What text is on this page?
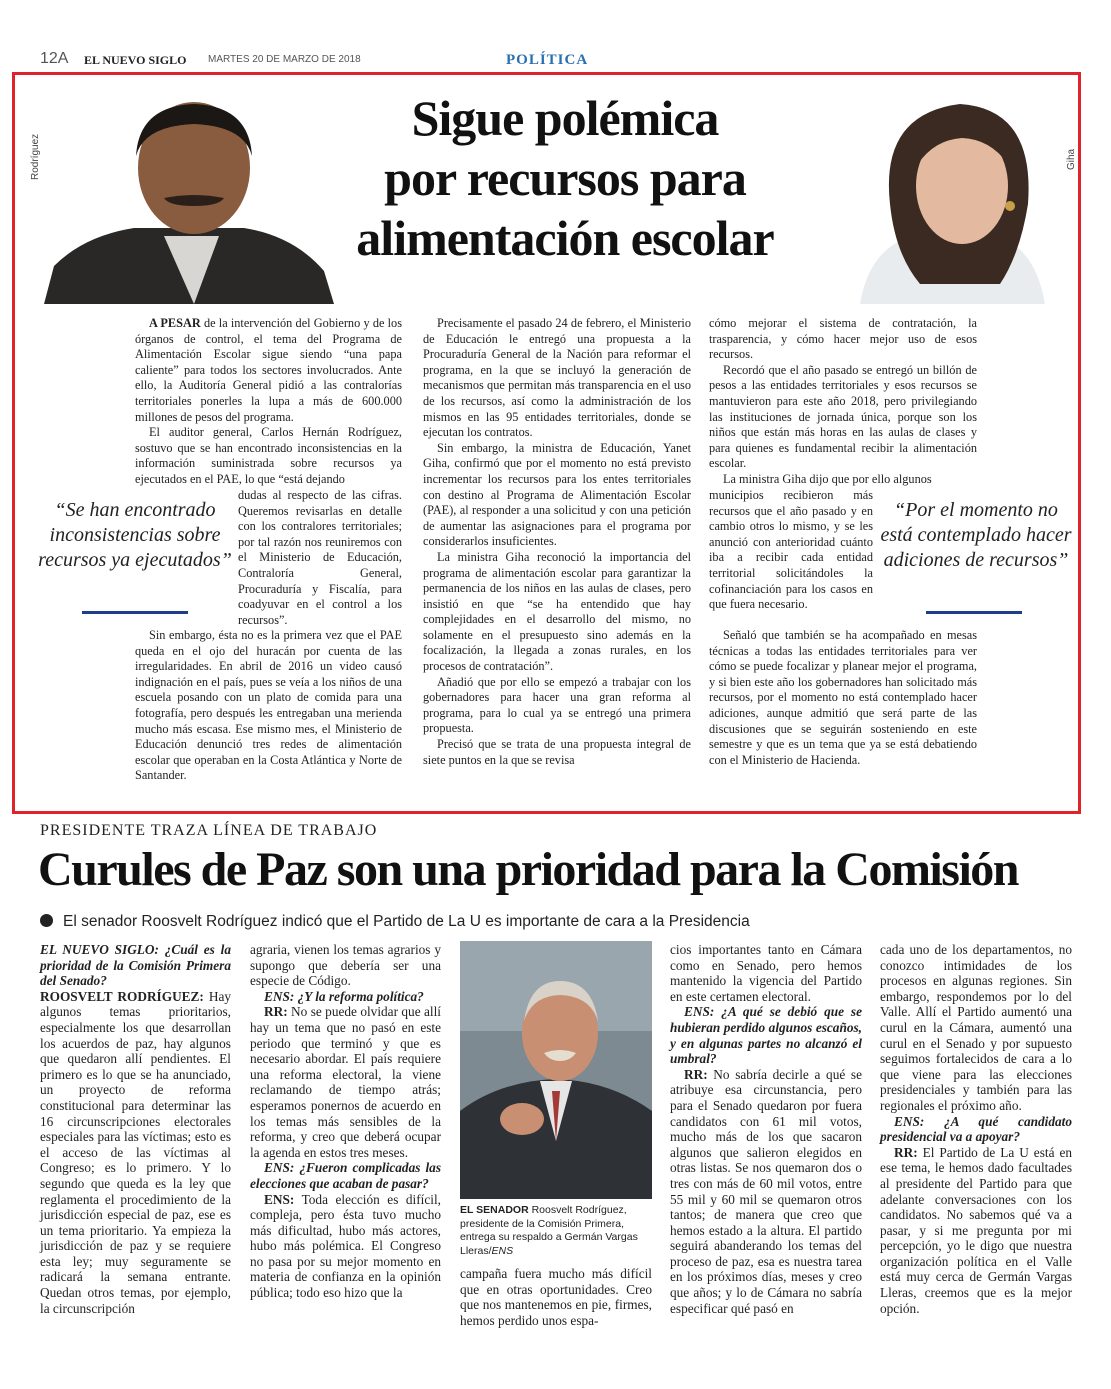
12A EL NUEVO SIGLO MARTES 20 DE MARZO DE 2018	POLÍTICA
Rodríguez	Giha
Sigue polémica
por recursos para
alimentación escolar

A PESAR de la intervención del Gobierno y de los órganos de control, el tema del Programa de Alimentación Escolar sigue siendo “una papa caliente” para todos los sectores involucrados. Ante ello, la Auditoría General pidió a las contralorías territoriales ponerles la lupa a más de 600.000 millones de pesos del programa.

El auditor general, Carlos Hernán Rodríguez, sostuvo que se han encontrado inconsistencias en la información suministrada sobre recursos ya ejecutados en el PAE, lo que “está dejando

dudas al respecto de las cifras. Queremos revisarlas en detalle con los contralores territoriales; por tal razón nos reuniremos con el Ministerio de Educación, Contraloría General, Procuraduría y Fiscalía, para coadyuvar en el control a los recursos”.

Sin embargo, ésta no es la primera vez que el PAE queda en el ojo del huracán por cuenta de las irregularidades. En abril de 2016 un video causó indignación en el país, pues se veía a los niños de una escuela posando con un plato de comida para una fotografía, pero después les entregaban una merienda mucho más escasa. Ese mismo mes, el Ministerio de Educación denunció tres redes de alimentación escolar que operaban en la Costa Atlántica y Norte de Santander.

“Se han encontrado inconsistencias sobre recursos ya ejecutados”

Precisamente el pasado 24 de febrero, el Ministerio de Educación le entregó una propuesta a la Procuraduría General de la Nación para reformar el programa, en la que se incluyó la generación de mecanismos que permitan más transparencia en el uso de los recursos, así como la administración de los mismos en las 95 entidades territoriales, donde se ejecutan los contratos.

Sin embargo, la ministra de Educación, Yanet Giha, confirmó que por el momento no está previsto incrementar los recursos para los entes territoriales con destino al Programa de Alimentación Escolar (PAE), al responder a una solicitud y con una petición de aumentar las asignaciones para el programa por considerarlos insuficientes.

La ministra Giha reconoció la importancia del programa de alimentación escolar para garantizar la permanencia de los niños en las aulas de clases, pero insistió en que “se ha entendido que hay complejidades en el desarrollo del mismo, no solamente en el presupuesto sino además en la focalización, la llegada a zonas rurales, en los procesos de contratación”.

Añadió que por ello se empezó a trabajar con los gobernadores para hacer una gran reforma al programa, para lo cual ya se entregó una primera propuesta.

Precisó que se trata de una propuesta integral de siete puntos en la que se revisa

cómo mejorar el sistema de contratación, la trasparencia, y cómo hacer mejor uso de esos recursos.

Recordó que el año pasado se entregó un billón de pesos a las entidades territoriales y esos recursos se mantuvieron para este año 2018, pero privilegiando las instituciones de jornada única, porque son los niños que están más horas en las aulas de clases y para quienes es fundamental recibir la alimentación escolar.

La ministra Giha dijo que por ello algunos

municipios recibieron más recursos que el año pasado y en cambio otros lo mismo, y se les anunció con anterioridad cuánto iba a recibir cada entidad territorial solicitándoles la cofinanciación para los casos en que fuera necesario.

Señaló que también se ha acompañado en mesas técnicas a todas las entidades territoriales para ver cómo se puede focalizar y planear mejor el programa, y si bien este año los gobernadores han solicitado más recursos, por el momento no está contemplado hacer adiciones, aunque admitió que será parte de las discusiones que se seguirán sosteniendo en este semestre y que es un tema que ya se está debatiendo con el Ministerio de Hacienda.

“Por el momento no está contemplado hacer adiciones de recursos”
PRESIDENTE TRAZA LÍNEA DE TRABAJO
Curules de Paz son una prioridad para la Comisión
El senador Roosvelt Rodríguez indicó que el Partido de La U es importante de cara a la Presidencia

EL NUEVO SIGLO: ¿Cuál es la prioridad de la Comisión Primera del Senado?

ROOSVELT RODRÍGUEZ: Hay algunos temas prioritarios, especialmente los que desarrollan los acuerdos de paz, hay algunos que quedaron allí pendientes. El primero es lo que se ha anunciado, un proyecto de reforma constitucional para determinar las 16 circunscripciones electorales especiales para las víctimas; esto es el acceso de las víctimas al Congreso; es lo primero. Y lo segundo que queda es la ley que reglamenta el procedimiento de la jurisdicción especial de paz, ese es un tema prioritario. Ya empieza la jurisdicción de paz y se requiere esta ley; muy seguramente se radicará la semana entrante. Quedan otros temas, por ejemplo, la circunscripción

agraria, vienen los temas agrarios y supongo que debería ser una especie de Código.

ENS: ¿Y la reforma política?

RR: No se puede olvidar que allí hay un tema que no pasó en este periodo que terminó y que es necesario abordar. El país requiere una reforma electoral, la viene reclamando de tiempo atrás; esperamos ponernos de acuerdo en los temas más sensibles de la reforma, y creo que deberá ocupar la agenda en estos tres meses.

ENS: ¿Fueron complicadas las elecciones que acaban de pasar?

ENS: Toda elección es difícil, compleja, pero ésta tuvo mucho más dificultad, hubo más actores, hubo más polémica. El Congreso no pasa por su mejor momento en materia de confianza en la opinión pública; todo eso hizo que la

EL SENADOR Roosvelt Rodríguez, presidente de la Comisión Primera, entrega su respaldo a Germán Vargas Lleras/ENS

campaña fuera mucho más difícil que en otras oportunidades. Creo que nos mantenemos en pie, firmes, hemos perdido unos espa-

cios importantes tanto en Cámara como en Senado, pero hemos mantenido la vigencia del Partido en este certamen electoral.

ENS: ¿A qué se debió que se hubieran perdido algunos escaños, y en algunas partes no alcanzó el umbral?

RR: No sabría decirle a qué se atribuye esa circunstancia, pero para el Senado quedaron por fuera candidatos con 61 mil votos, mucho más de los que sacaron algunos que salieron elegidos en otras listas. Se nos quemaron dos o tres con más de 60 mil votos, entre 55 mil y 60 mil se quemaron otros tantos; de manera que creo que hemos estado a la altura. El partido seguirá abanderando los temas del proceso de paz, esa es nuestra tarea en los próximos días, meses y creo que años; y lo de Cámara no sabría especificar qué pasó en

cada uno de los departamentos, no conozco intimidades de los procesos en algunas regiones. Sin embargo, respondemos por lo del Valle. Allí el Partido aumentó una curul en la Cámara, aumentó una curul en el Senado y por supuesto seguimos fortalecidos de cara a lo que viene para las elecciones presidenciales y también para las regionales el próximo año.

ENS: ¿A qué candidato presidencial va a apoyar?

RR: El Partido de La U está en ese tema, le hemos dado facultades al presidente del Partido para que adelante conversaciones con los candidatos. No sabemos qué va a pasar, y si me pregunta por mi percepción, yo le digo que nuestra organización política en el Valle está muy cerca de Germán Vargas Lleras, creemos que es la mejor opción.
